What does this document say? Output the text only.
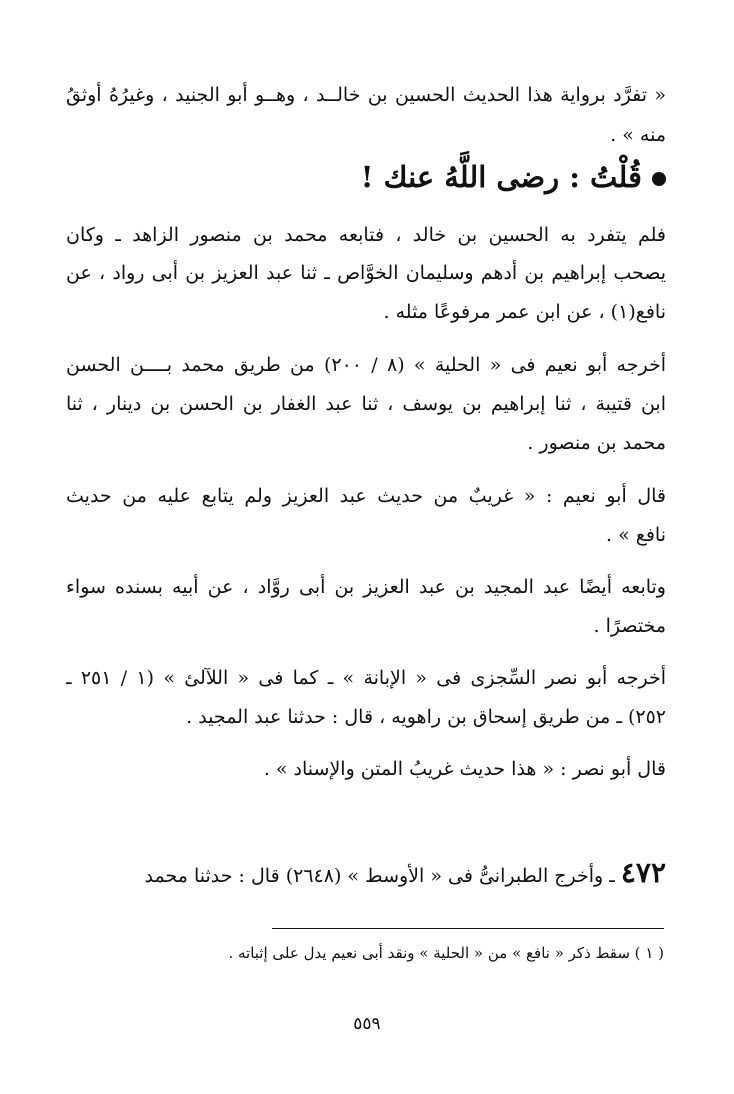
« تفرَّد برواية هذا الحديث الحسين بن خالــد ، وهــو أبو الجنيد ، وغيرُهُ أوثقُ
منه » .
قُلْتُ : رضى اللَّهُ عنك !
فلم يتفرد به الحسين بن خالد ، فتابعه محمد بن منصور الزاهد ـ وكان
يصحب إبراهيم بن أدهم وسليمان الخوَّاص ـ ثنا عبد العزيز بن أبى رواد ، عن
نافع(١) ، عن ابن عمر مرفوعًا مثله .
أخرجه أبو نعيم فى « الحلية » (٨ / ٢٠٠) من طريق محمد بــــن الحسن
ابن قتيبة ، ثنا إبراهيم بن يوسف ، ثنا عبد الغفار بن الحسن بن دينار ، ثنا
محمد بن منصور .
قال أبو نعيم : « غريبٌ من حديث عبد العزيز ولم يتابع عليه من حديث
نافع » .
وتابعه أيضًا عبد المجيد بن عبد العزيز بن أبى روَّاد ، عن أبيه بسنده سواء
مختصرًا .
أخرجه أبو نصر السِّجزى فى « الإبانة » ـ كما فى « اللآلئ » (١ / ٢٥١ ـ
٢٥٢) ـ من طريق إسحاق بن راهويه ، قال : حدثنا عبد المجيد .
قال أبو نصر : « هذا حديث غريبُ المتن والإسناد » .
٤٧٢ ـ وأخرج الطبرانىُّ فى « الأوسط » (٢٦٤٨) قال : حدثنا محمد
( ١ ) سقط ذكر « نافع » من « الحلية » ونقد أبى نعيم يدل على إثباته .
٥٥٩
